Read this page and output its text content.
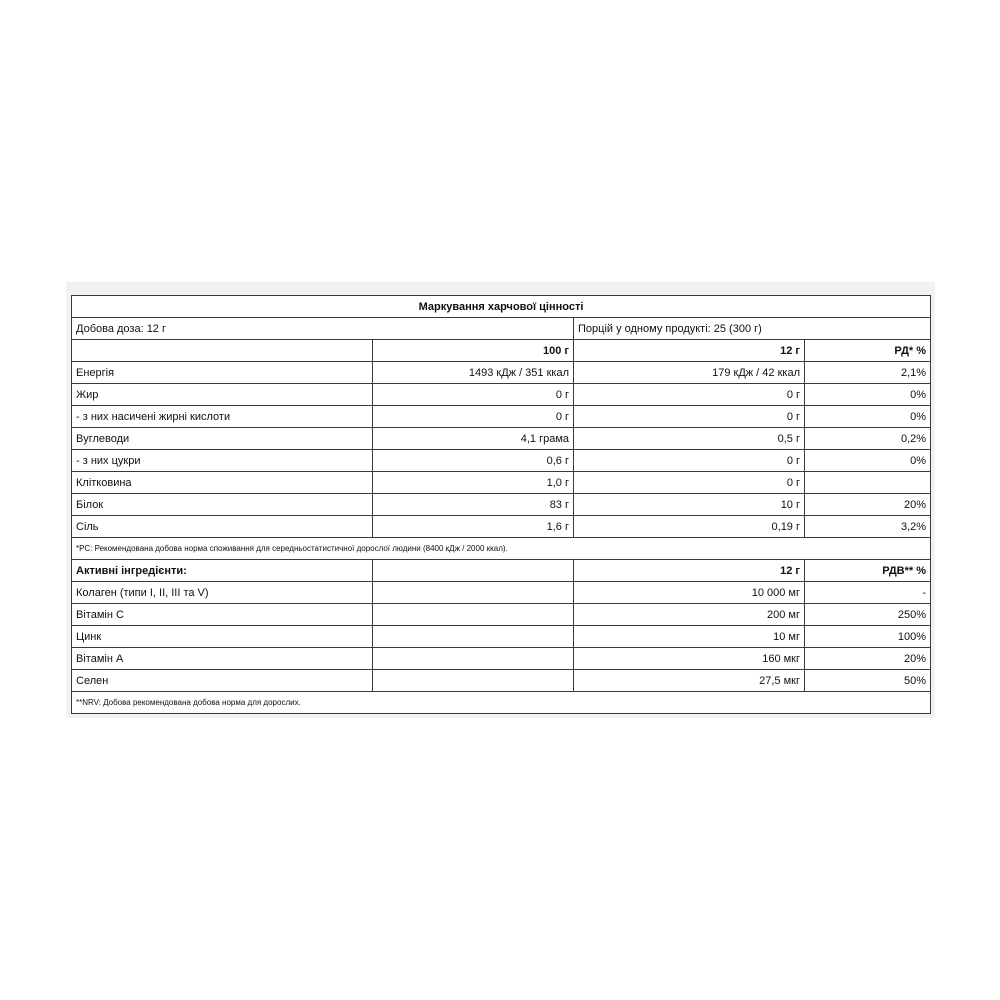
Маркування харчової цінності			
Добова доза: 12 г		Порцій у одному продукті: 25 (300 г)	
	100 г	12 г	РД* %
Енергія	1493 кДж / 351 ккал	179 кДж / 42 ккал	2,1%
Жир	0 г	0 г	0%
- з них насичені жирні кислоти	0 г	0 г	0%
Вуглеводи	4,1 грама	0,5 г	0,2%
- з них цукри	0,6 г	0 г	0%
Клітковина	1,0 г	0 г	
Білок	83 г	10 г	20%
Сіль	1,6 г	0,19 г	3,2%
*РС: Рекомендована добова норма споживання для середньостатистичної дорослої людини (8400 кДж / 2000 ккал).			
Активні інгредієнти:		12 г	РДВ** %
Колаген (типи I, II, III та V)		10 000 мг	-
Вітамін С		200 мг	250%
Цинк		10 мг	100%
Вітамін А		160 мкг	20%
Селен		27,5 мкг	50%
**NRV: Добова рекомендована добова норма для дорослих.			
